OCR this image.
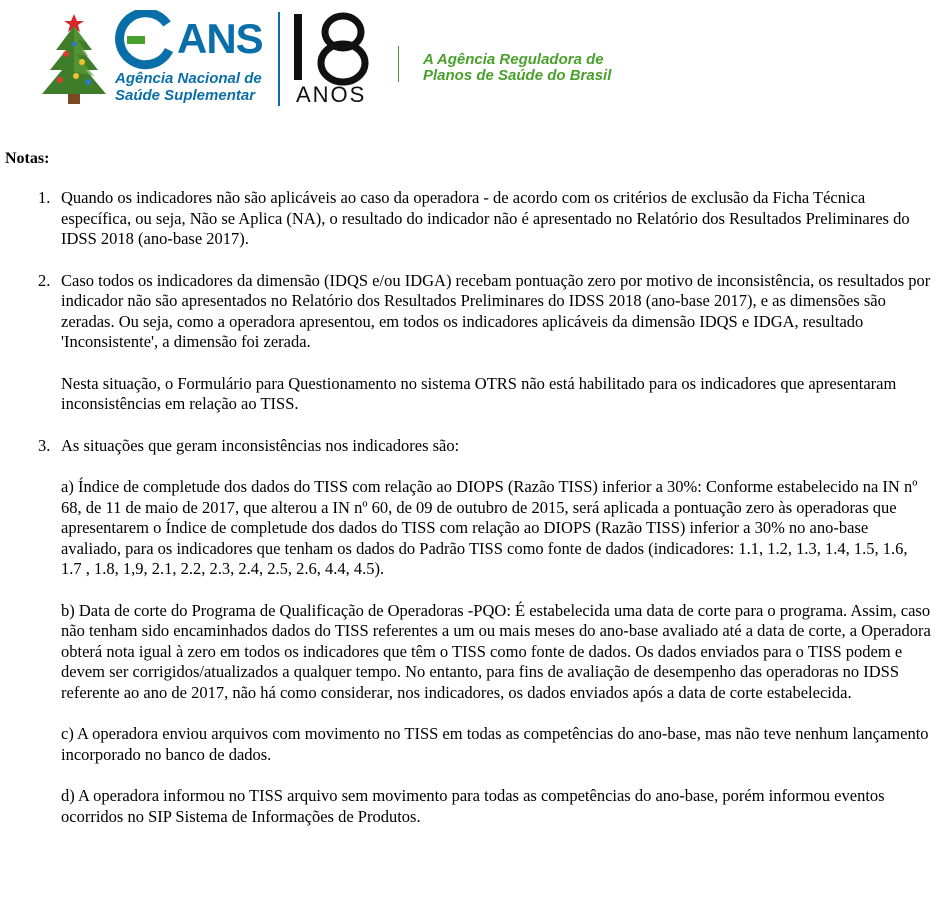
ANS
Agência Nacional de
Saúde Suplementar
18
ANOS
A Agência Reguladora de
Planos de Saúde do Brasil
Notas:
1. Quando os indicadores não são aplicáveis ao caso da operadora - de acordo com os critérios de exclusão da Ficha Técnica específica, ou seja, Não se Aplica (NA), o resultado do indicador não é apresentado no Relatório dos Resultados Preliminares do IDSS 2018 (ano-base 2017).

2. Caso todos os indicadores da dimensão (IDQS e/ou IDGA) recebam pontuação zero por motivo de inconsistência, os resultados por indicador não são apresentados no Relatório dos Resultados Preliminares do IDSS 2018 (ano-base 2017), e as dimensões são zeradas. Ou seja, como a operadora apresentou, em todos os indicadores aplicáveis da dimensão IDQS e IDGA, resultado 'Inconsistente', a dimensão foi zerada.

Nesta situação, o Formulário para Questionamento no sistema OTRS não está habilitado para os indicadores que apresentaram inconsistências em relação ao TISS.

3. As situações que geram inconsistências nos indicadores são:

a) Índice de completude dos dados do TISS com relação ao DIOPS (Razão TISS) inferior a 30%: Conforme estabelecido na IN nº 68, de 11 de maio de 2017, que alterou a IN nº 60, de 09 de outubro de 2015, será aplicada a pontuação zero às operadoras que apresentarem o Índice de completude dos dados do TISS com relação ao DIOPS (Razão TISS) inferior a 30% no ano-base avaliado, para os indicadores que tenham os dados do Padrão TISS como fonte de dados (indicadores: 1.1, 1.2, 1.3, 1.4, 1.5, 1.6, 1.7 , 1.8, 1,9, 2.1, 2.2, 2.3, 2.4, 2.5, 2.6, 4.4, 4.5).

b) Data de corte do Programa de Qualificação de Operadoras -PQO: É estabelecida uma data de corte para o programa. Assim, caso não tenham sido encaminhados dados do TISS referentes a um ou mais meses do ano-base avaliado até a data de corte, a Operadora obterá nota igual à zero em todos os indicadores que têm o TISS como fonte de dados. Os dados enviados para o TISS podem e devem ser corrigidos/atualizados a qualquer tempo. No entanto, para fins de avaliação de desempenho das operadoras no IDSS referente ao ano de 2017, não há como considerar, nos indicadores, os dados enviados após a data de corte estabelecida.

c) A operadora enviou arquivos com movimento no TISS em todas as competências do ano-base, mas não teve nenhum lançamento incorporado no banco de dados.

d) A operadora informou no TISS arquivo sem movimento para todas as competências do ano-base, porém informou eventos ocorridos no SIP Sistema de Informações de Produtos.
